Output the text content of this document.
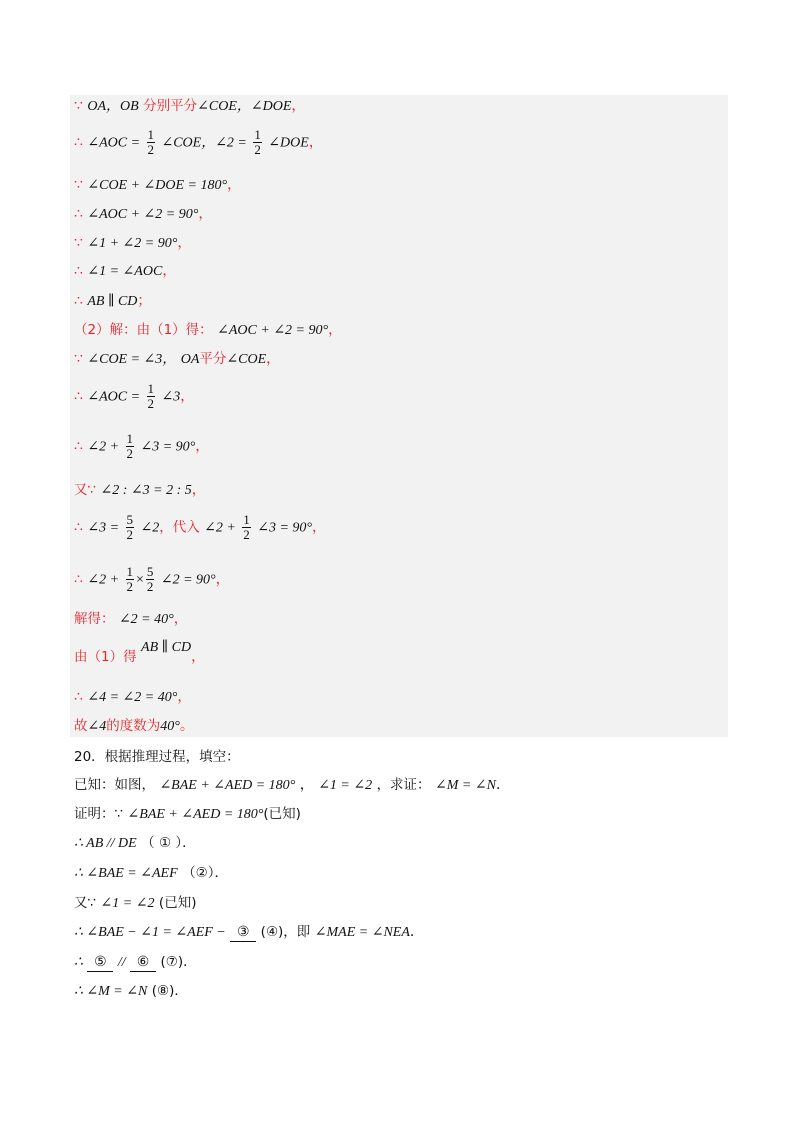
∵ OA，OB 分别平分∠COE，∠DOE，
∴ ∠AOC = $\frac{1}{2}$ ∠COE，∠2 = $\frac{1}{2}$ ∠DOE，
∵ ∠COE + ∠DOE = 180°，
∴ ∠AOC + ∠2 = 90°，
∵ ∠1 + ∠2 = 90°，
∴ ∠1 = ∠AOC，
∴ AB ∥ CD；
（2）解：由（1）得： ∠AOC + ∠2 = 90°，
∵ ∠COE = ∠3， OA平分∠COE，
∴ ∠AOC = $\frac{1}{2}$ ∠3，
∴ ∠2 + $\frac{1}{2}$ ∠3 = 90°，
又∵ ∠2 : ∠3 = 2 : 5，
∴ ∠3 = $\frac{5}{2}$ ∠2，代入 ∠2 + $\frac{1}{2}$ ∠3 = 90°，
∴ ∠2 + $\frac{1}{2} \times \frac{5}{2}$ ∠2 = 90°，
解得： ∠2 = 40°，
由（1）得 AB ∥ CD，
∴ ∠4 = ∠2 = 40°，
故∠4的度数为40°。
20．根据推理过程，填空：
已知：如图， ∠BAE + ∠AED = 180° ， ∠1 = ∠2 ，求证： ∠M = ∠N．
证明：∵ ∠BAE + ∠AED = 180°(已知)
∴ AB // DE （ ① ）．
∴ ∠BAE = ∠AEF （②）．
又∵ ∠1 = ∠2 (已知)
∴ ∠BAE − ∠1 = ∠AEF − ③ (④)，即 ∠MAE = ∠NEA．
∴ ⑤ // ⑥ (⑦)．
∴ ∠M = ∠N (⑧)．
